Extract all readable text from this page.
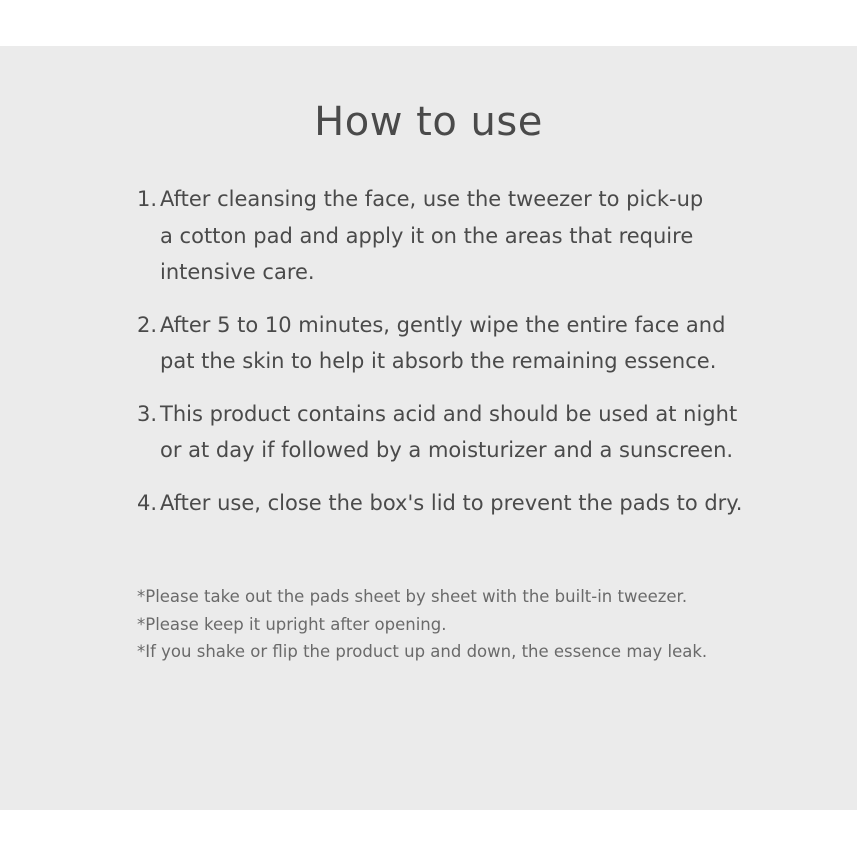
How to use
1. After cleansing the face, use the tweezer to pick-up
a cotton pad and apply it on the areas that require
intensive care.
2. After 5 to 10 minutes, gently wipe the entire face and
pat the skin to help it absorb the remaining essence.
3. This product contains acid and should be used at night
or at day if followed by a moisturizer and a sunscreen.
4. After use, close the box's lid to prevent the pads to dry.
*Please take out the pads sheet by sheet with the built-in tweezer.
*Please keep it upright after opening.
*If you shake or flip the product up and down, the essence may leak.
